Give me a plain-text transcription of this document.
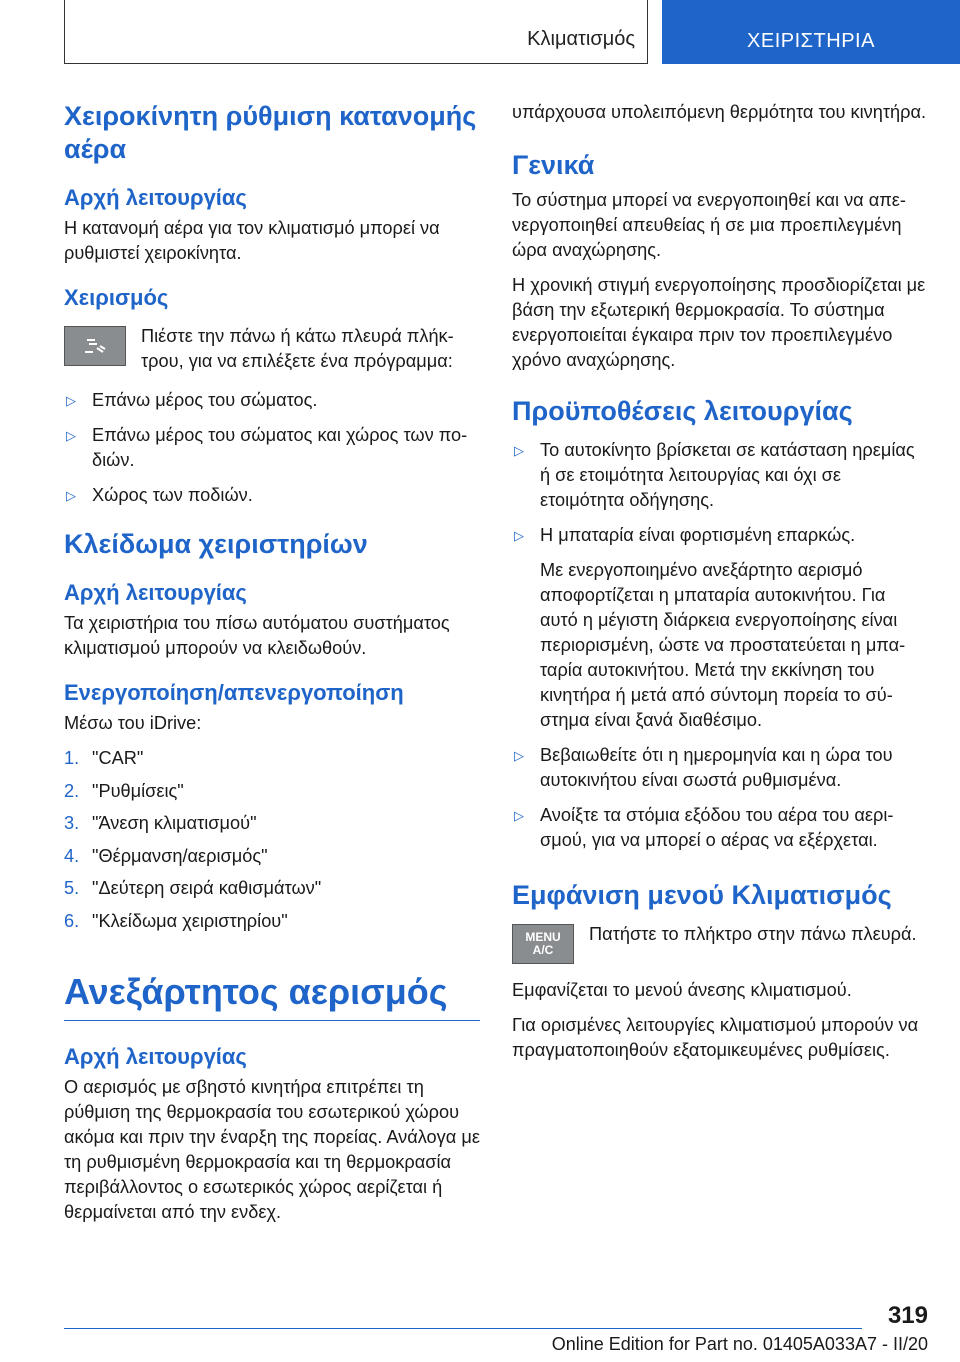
Κλιματισμός	ΧΕΙΡΙΣΤΗΡΙΑ
Χειροκίνητη ρύθμιση κατανομής αέρα
Αρχή λειτουργίας

Η κατανομή αέρα για τον κλιματισμό μπορεί να ρυθμιστεί χειροκίνητα.

Χειρισμός

Πιέστε την πάνω ή κάτω πλευρά πλήκτρου, για να επιλέξετε ένα πρόγραμμα:

▷ Επάνω μέρος του σώματος.
▷ Επάνω μέρος του σώματος και χώρος των ποδιών.
▷ Χώρος των ποδιών.
Κλείδωμα χειριστηρίων
Αρχή λειτουργίας

Τα χειριστήρια του πίσω αυτόματου συστήματος κλιματισμού μπορούν να κλειδωθούν.

Ενεργοποίηση/απενεργοποίηση

Μέσω του iDrive:

1. "CAR"
2. "Ρυθμίσεις"
3. "Άνεση κλιματισμού"
4. "Θέρμανση/αερισμός"
5. "Δεύτερη σειρά καθισμάτων"
6. "Κλείδωμα χειριστηρίου"
Ανεξάρτητος αερισμός
Αρχή λειτουργίας

Ο αερισμός με σβηστό κινητήρα επιτρέπει τη ρύθμιση της θερμοκρασία του εσωτερικού χώρου ακόμα και πριν την έναρξη της πορείας. Ανάλογα με τη ρυθμισμένη θερμοκρασία και τη θερμοκρασία περιβάλλοντος ο εσωτερικός χώρος αερίζεται ή θερμαίνεται από την ενδεχ.

υπάρχουσα υπολειπόμενη θερμότητα του κινητήρα.

Γενικά

Το σύστημα μπορεί να ενεργοποιηθεί και να απενεργοποιηθεί απευθείας ή σε μια προεπιλεγμένη ώρα αναχώρησης.

Η χρονική στιγμή ενεργοποίησης προσδιορίζεται με βάση την εξωτερική θερμοκρασία. Το σύστημα ενεργοποιείται έγκαιρα πριν τον προεπιλεγμένο χρόνο αναχώρησης.

Προϋποθέσεις λειτουργίας
▷ Το αυτοκίνητο βρίσκεται σε κατάσταση ηρεμίας ή σε ετοιμότητα λειτουργίας και όχι σε ετοιμότητα οδήγησης.
▷ Η μπαταρία είναι φορτισμένη επαρκώς.
Με ενεργοποιημένο ανεξάρτητο αερισμό αποφορτίζεται η μπαταρία αυτοκινήτου. Για αυτό η μέγιστη διάρκεια ενεργοποίησης είναι περιορισμένη, ώστε να προστατεύεται η μπαταρία αυτοκινήτου. Μετά την εκκίνηση του κινητήρα ή μετά από σύντομη πορεία το σύστημα είναι ξανά διαθέσιμο.
▷ Βεβαιωθείτε ότι η ημερομηνία και η ώρα του αυτοκινήτου είναι σωστά ρυθμισμένα.
▷ Ανοίξτε τα στόμια εξόδου του αέρα του αερισμού, για να μπορεί ο αέρας να εξέρχεται.
Εμφάνιση μενού Κλιματισμός
MENU
A/C

Πατήστε το πλήκτρο στην πάνω πλευρά.

Εμφανίζεται το μενού άνεσης κλιματισμού.

Για ορισμένες λειτουργίες κλιματισμού μπορούν να πραγματοποιηθούν εξατομικευμένες ρυθμίσεις.

319
Online Edition for Part no. 01405A033A7 - II/20
